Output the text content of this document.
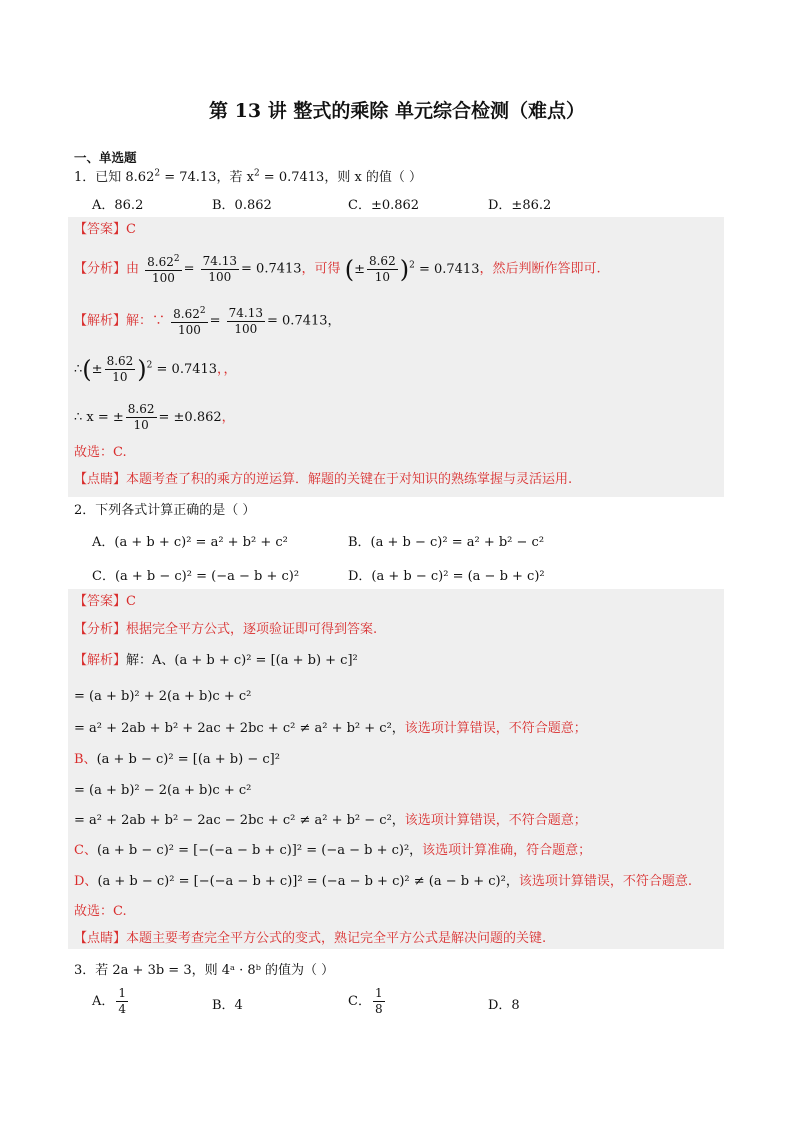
第 13 讲 整式的乘除 单元综合检测（难点）
一、单选题
1．已知 $8.62^2 = 74.13$，若 $x^2 = 0.7413$，则 x 的值（ ）
A．86.2	B．0.862	C．±0.862	D．±86.2
【答案】C
【分析】由 $\frac{8.62^2}{100} = \frac{74.13}{100} = 0.7413$，可得 (± $\frac{8.62}{10} )^2 = 0.7413$，然后判断作答即可.
【解析】解：∵ $\frac{8.62^2}{100} = \frac{74.13}{100} = 0.7413$，
∴(± $\frac{8.62}{10} )^2 = 0.7413$，，
∴ x = ± $\frac{8.62}{10} = \pm 0.862$，
故选：C.
【点睛】本题考查了积的乘方的逆运算．解题的关键在于对知识的熟练掌握与灵活运用.
2．下列各式计算正确的是（ ）
A．(a + b + c)² = a² + b² + c²	B．(a + b − c)² = a² + b² − c²
C．(a + b − c)² = (−a − b + c)²	D．(a + b − c)² = (a − b + c)²
【答案】C
【分析】根据完全平方公式，逐项验证即可得到答案.
【解析】解：A、(a + b + c)² = [(a + b) + c]²
= (a + b)² + 2(a + b)c + c²
= a² + 2ab + b² + 2ac + 2bc + c² ≠ a² + b² + c²，该选项计算错误，不符合题意；
B、(a + b − c)² = [(a + b) − c]²
= (a + b)² − 2(a + b)c + c²
= a² + 2ab + b² − 2ac − 2bc + c² ≠ a² + b² − c²，该选项计算错误，不符合题意；
C、(a + b − c)² = [−(−a − b + c)]² = (−a − b + c)²，该选项计算准确，符合题意；
D、(a + b − c)² = [−(−a − b + c)]² = (−a − b + c)² ≠ (a − b + c)²，该选项计算错误，不符合题意.
故选：C.
【点睛】本题主要考查完全平方公式的变式，熟记完全平方公式是解决问题的关键.
3．若 2a + 3b = 3，则 4ᵃ · 8ᵇ 的值为（ ）
A． $\frac{1}{4}$	B．4	C． $\frac{1}{8}$	D．8
